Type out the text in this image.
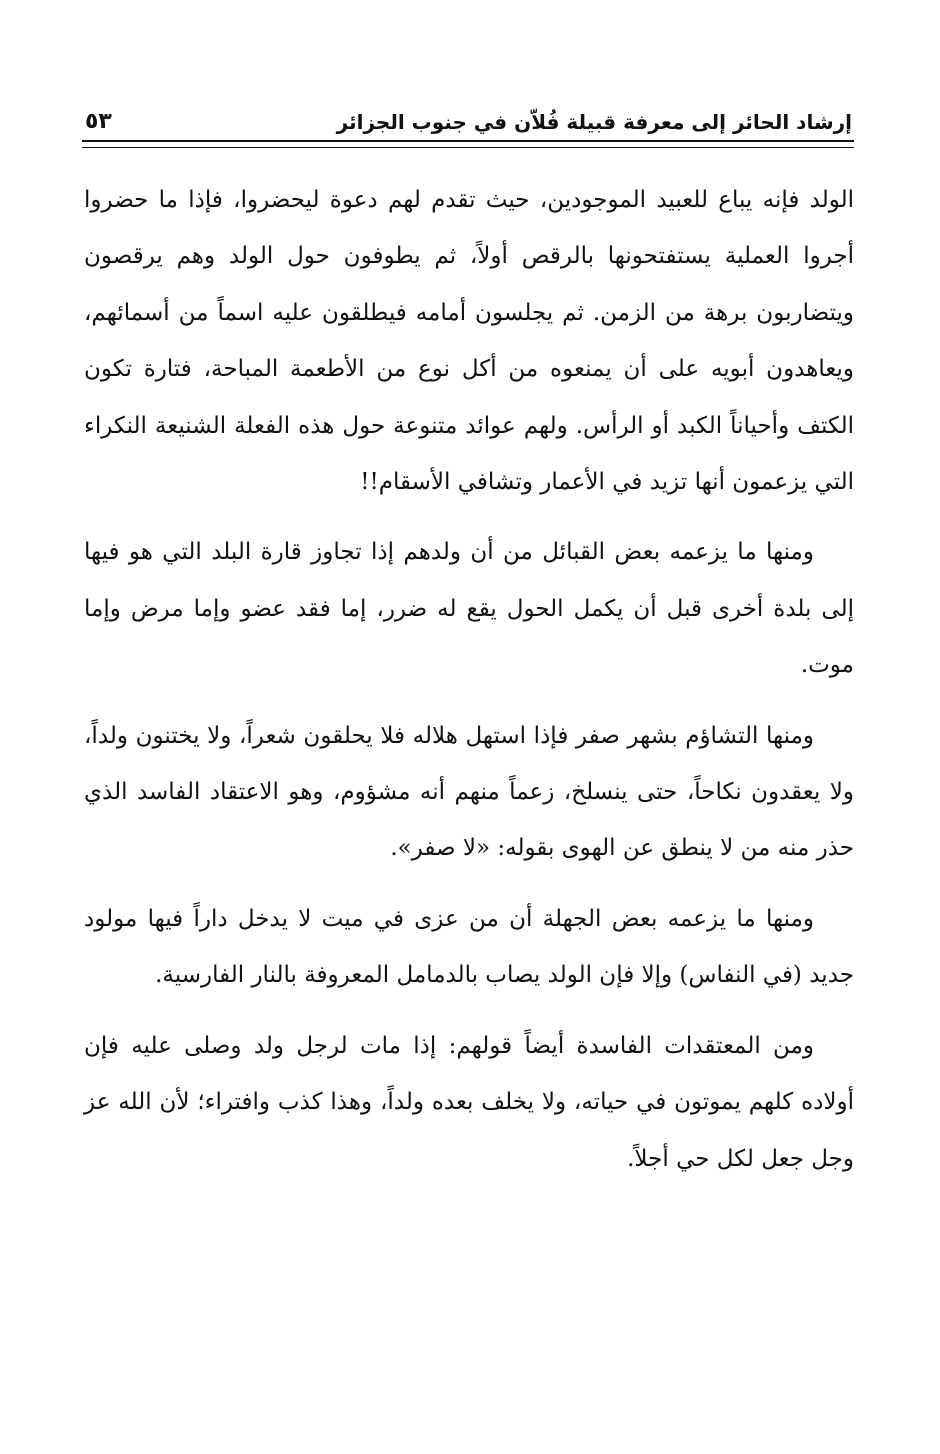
إرشاد الحائر إلى معرفة قبيلة فُلاّن في جنوب الجزائر
٥٣

الولد فإنه يباع للعبيد الموجودين، حيث تقدم لهم دعوة ليحضروا، فإذا ما حضروا أجروا العملية يستفتحونها بالرقص أولاً، ثم يطوفون حول الولد وهم يرقصون ويتضاربون برهة من الزمن. ثم يجلسون أمامه فيطلقون عليه اسماً من أسمائهم، ويعاهدون أبويه على أن يمنعوه من أكل نوع من الأطعمة المباحة، فتارة تكون الكتف وأحياناً الكبد أو الرأس. ولهم عوائد متنوعة حول هذه الفعلة الشنيعة النكراء التي يزعمون أنها تزيد في الأعمار وتشافي الأسقام!!

ومنها ما يزعمه بعض القبائل من أن ولدهم إذا تجاوز قارة البلد التي هو فيها إلى بلدة أخرى قبل أن يكمل الحول يقع له ضرر، إما فقد عضو وإما مرض وإما موت.

ومنها التشاؤم بشهر صفر فإذا استهل هلاله فلا يحلقون شعراً، ولا يختنون ولداً، ولا يعقدون نكاحاً، حتى ينسلخ، زعماً منهم أنه مشؤوم، وهو الاعتقاد الفاسد الذي حذر منه من لا ينطق عن الهوى بقوله: «لا صفر».

ومنها ما يزعمه بعض الجهلة أن من عزى في ميت لا يدخل داراً فيها مولود جديد (في النفاس) وإلا فإن الولد يصاب بالدمامل المعروفة بالنار الفارسية.

ومن المعتقدات الفاسدة أيضاً قولهم: إذا مات لرجل ولد وصلى عليه فإن أولاده كلهم يموتون في حياته، ولا يخلف بعده ولداً، وهذا كذب وافتراء؛ لأن الله عز وجل جعل لكل حي أجلاً.
